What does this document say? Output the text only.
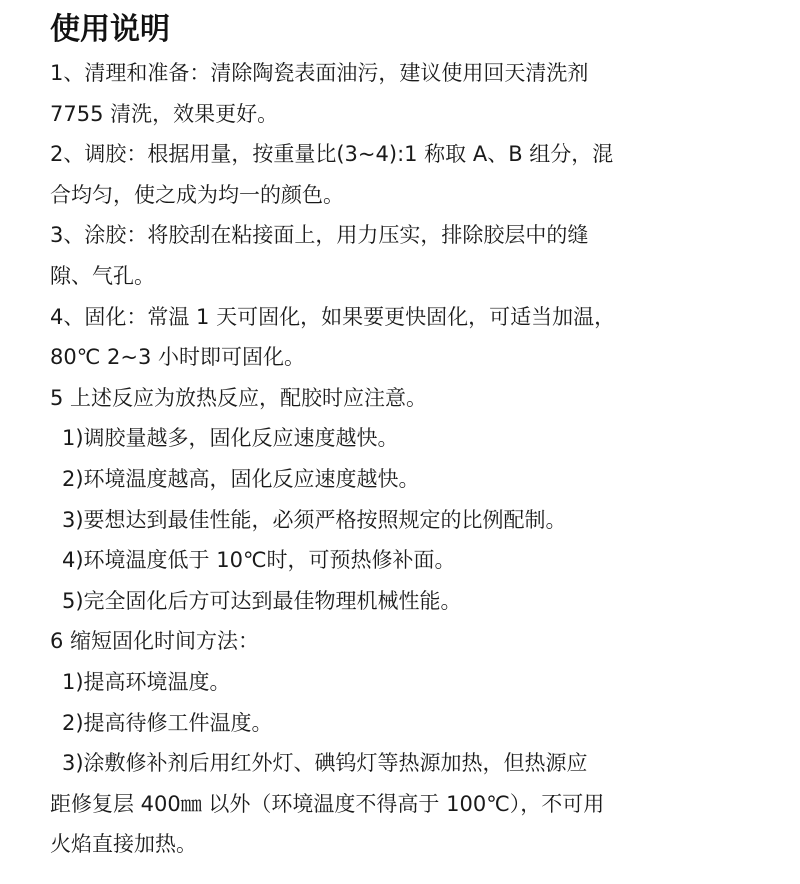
使用说明

1、清理和准备：清除陶瓷表面油污，建议使用回天清洗剂

7755 清洗，效果更好。

2、调胶：根据用量，按重量比(3~4):1 称取 A、B 组分，混

合均匀，使之成为均一的颜色。

3、涂胶：将胶刮在粘接面上，用力压实，排除胶层中的缝

隙、气孔。

4、固化：常温 1 天可固化，如果要更快固化，可适当加温，

80℃ 2~3 小时即可固化。

5 上述反应为放热反应，配胶时应注意。

1)调胶量越多，固化反应速度越快。

2)环境温度越高，固化反应速度越快。

3)要想达到最佳性能，必须严格按照规定的比例配制。

4)环境温度低于 10℃时，可预热修补面。

5)完全固化后方可达到最佳物理机械性能。

6 缩短固化时间方法：

1)提高环境温度。

2)提高待修工件温度。

3)涂敷修补剂后用红外灯、碘钨灯等热源加热，但热源应

距修复层 400㎜ 以外（环境温度不得高于 100℃），不可用

火焰直接加热。
